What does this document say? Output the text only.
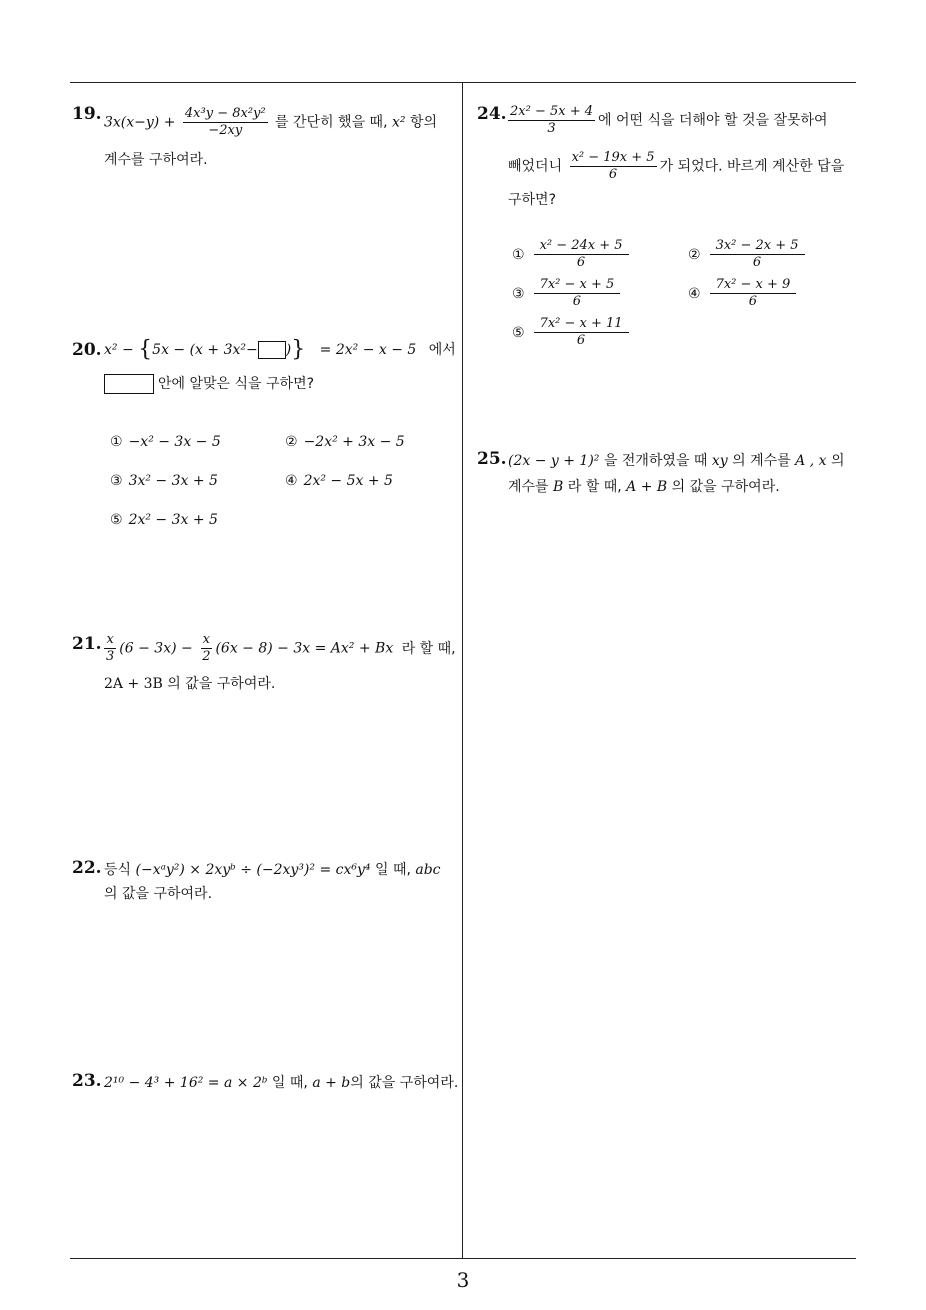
19. $3x(x-y) + \frac{\text{4x³y − 8x²y²}}{-2xy}$ 를 간단히 했을 때, x² 항의
계수를 구하여라.
20. x² − {5x − (x + 3x²− )} = 2x² − x − 5 에서
안에 알맞은 식을 구하면?
① −x² − 3x − 5	② −2x² + 3x − 5
③ 3x² − 3x + 5	④ 2x² − 5x + 5
⑤ 2x² − 3x + 5
21. $\frac{x}{3} (6 - 3x) - \frac{x}{2} (6x - 8) - 3x = Ax^2 + Bx$ 라 할 때,
2A + 3B 의 값을 구하여라.
22. 등식 (−xᵃy²) × 2xyᵇ ÷ (−2xy³)² = cx⁶y⁴ 일 때, abc
의 값을 구하여라.
23. 2¹⁰ − 4³ + 16² = a × 2ᵇ 일 때, a + b의 값을 구하여라.
24. $\frac{\text{2x² − 5x + 4}}{3}$ 에 어떤 식을 더해야 할 것을 잘못하여
빼었더니 $\frac{\text{x² − 19x + 5}}{6}$ 가 되었다. 바르게 계산한 답을
구하면?
① $\frac{\text{x² − 24x + 5}}{6}$	② $\frac{\text{3x² − 2x + 5}}{6}$
③ $\frac{\text{7x² − x + 5}}{6}$	④ $\frac{\text{7x² − x + 9}}{6}$
⑤ $\frac{\text{7x² − x + 11}}{6}$
25. (2x − y + 1)² 을 전개하였을 때 xy 의 계수를 A , x 의
계수를 B 라 할 때, A + B 의 값을 구하여라.
3
